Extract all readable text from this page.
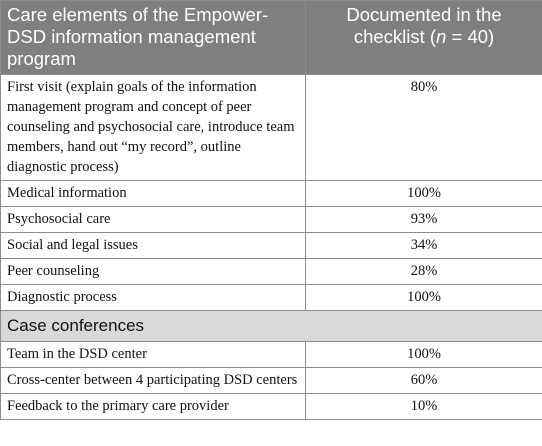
Care elements of the Empower-DSD information management program	Documented in the checklist (n = 40)
First visit (explain goals of the information management program and concept of peer counseling and psychosocial care, introduce team members, hand out “my record”, outline diagnostic process)	80%
Medical information	100%
Psychosocial care	93%
Social and legal issues	34%
Peer counseling	28%
Diagnostic process	100%
Case conferences	
Team in the DSD center	100%
Cross-center between 4 participating DSD centers	60%
Feedback to the primary care provider	10%
